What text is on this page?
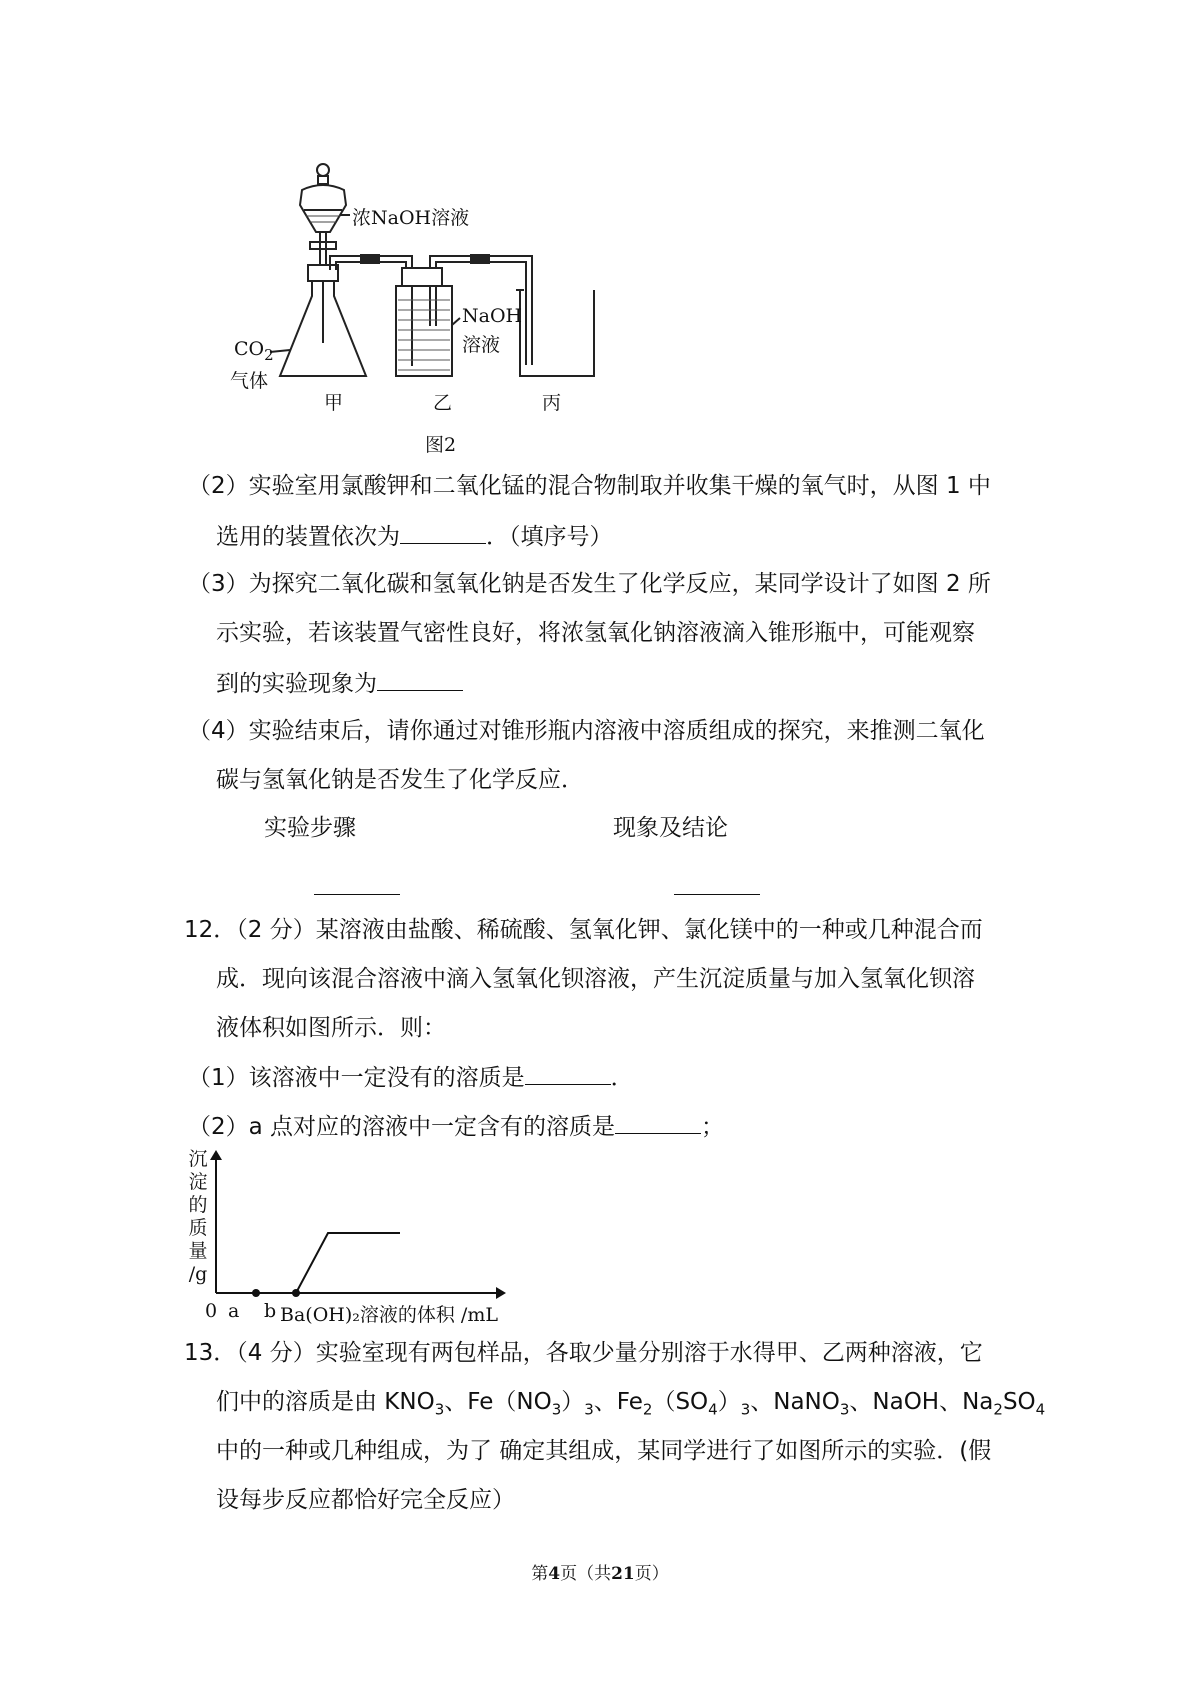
浓NaOH溶液
NaOH
溶液
$CO_2$
气体
甲	乙	丙
图2
（2）实验室用氯酸钾和二氧化锰的混合物制取并收集干燥的氧气时，从图 1 中
选用的装置依次为	．（填序号）
（3）为探究二氧化碳和氢氧化钠是否发生了化学反应，某同学设计了如图 2 所
示实验，若该装置气密性良好，将浓氢氧化钠溶液滴入锥形瓶中，可能观察
到的实验现象为
（4）实验结束后，请你通过对锥形瓶内溶液中溶质组成的探究，来推测二氧化
碳与氢氧化钠是否发生了化学反应．
实验步骤	现象及结论
12．（2 分）某溶液由盐酸、稀硫酸、氢氧化钾、氯化镁中的一种或几种混合而
成．现向该混合溶液中滴入氢氧化钡溶液，产生沉淀质量与加入氢氧化钡溶
液体积如图所示．则：
（1）该溶液中一定没有的溶质是	．
（2）a 点对应的溶液中一定含有的溶质是	；
沉
淀
的
质
量
/g
0 a b Ba(OH)₂溶液的体积 /mL
13．（4 分）实验室现有两包样品，各取少量分别溶于水得甲、乙两种溶液，它
们中的溶质是由 $KNO_3$、$Fe(NO_3)_3$、$Fe_2(SO_4)_3$、NaNO$_3$、NaOH、$Na_2SO_4$
中的一种或几种组成，为了 确定其组成，某同学进行了如图所示的实验．(假
设每步反应都恰好完全反应）
第4页（共21页）
